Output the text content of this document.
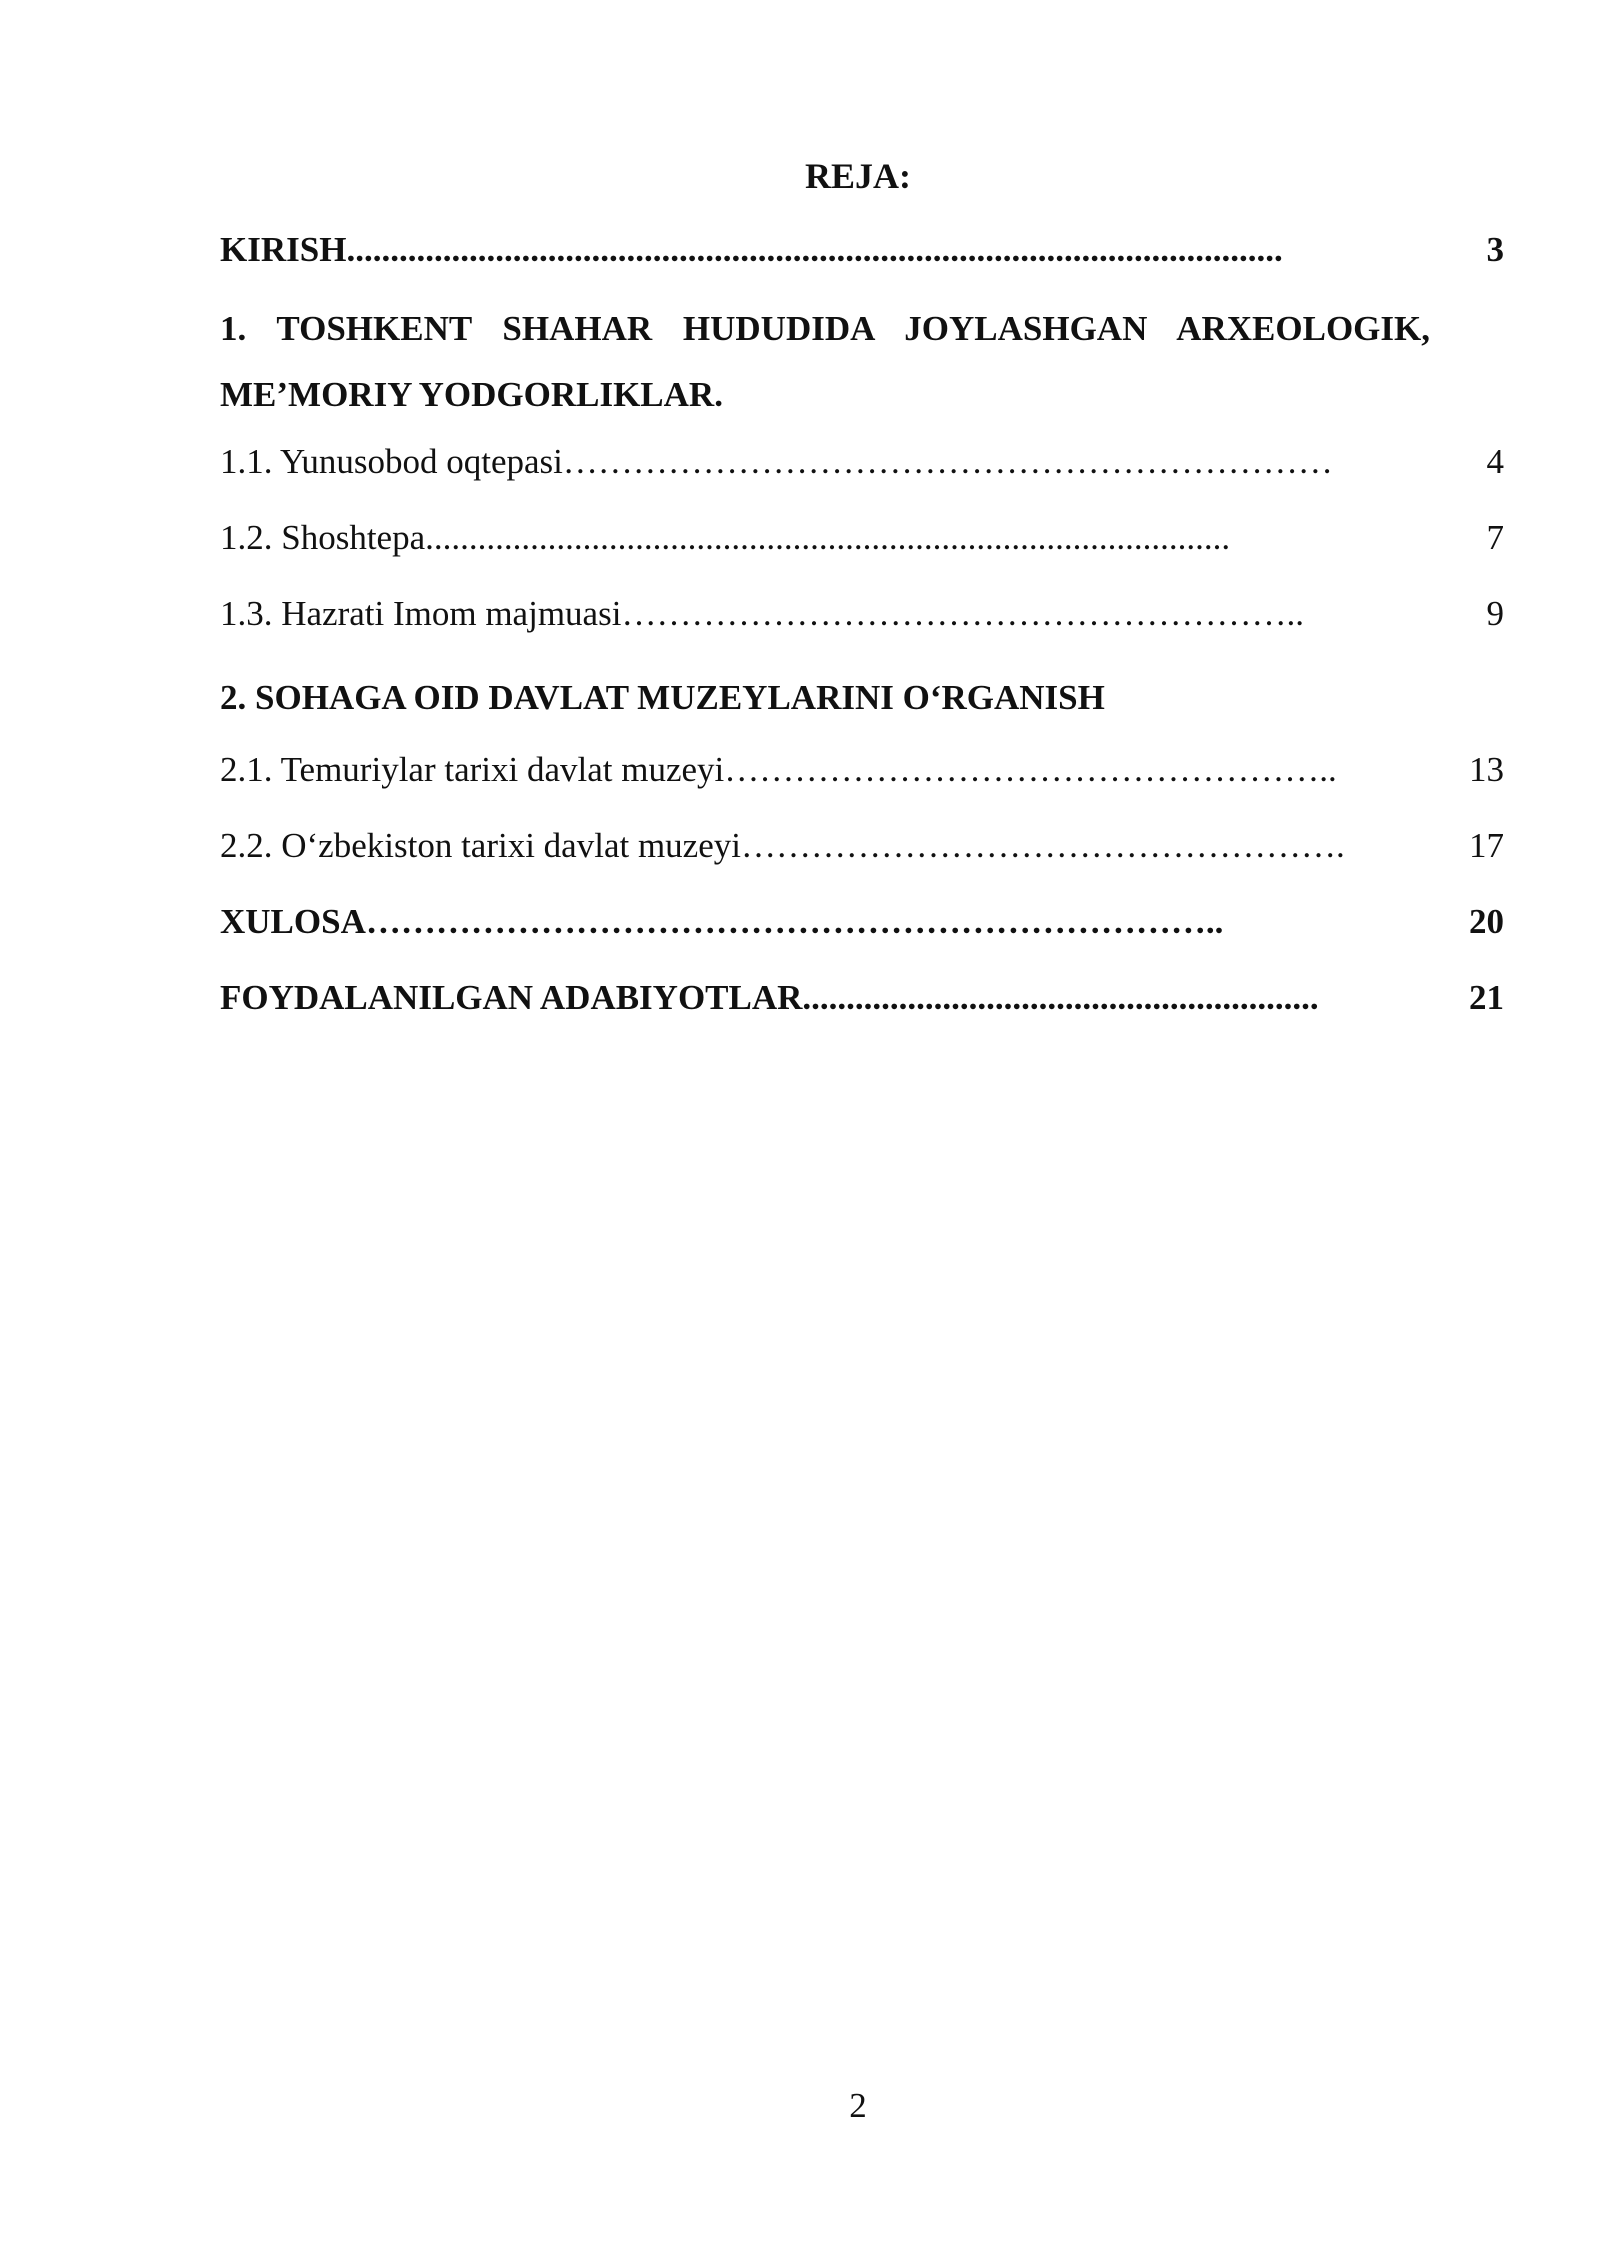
REJA:
KIRISH...........................................................................................................	3
1. TOSHKENT SHAHAR HUDUDIDA JOYLASHGAN ARXEOLOGIK, ME’MORIY YODGORLIKLAR.
1.1. Yunusobod oqtepasi…………………………………………………………	4
1.2. Shoshtepa............................................................................................	7
1.3. Hazrati Imom majmuasi…………………………………………………..	9
2. SOHAGA OID DAVLAT MUZEYLARINI O‘RGANISH
2.1. Temuriylar tarixi davlat muzeyi……………………………………………..	13
2.2. O‘zbekiston tarixi davlat muzeyi…………………………………………….	17
XULOSA………………………………………………………………..	20
FOYDALANILGAN ADABIYOTLAR...........................................................	21
2
